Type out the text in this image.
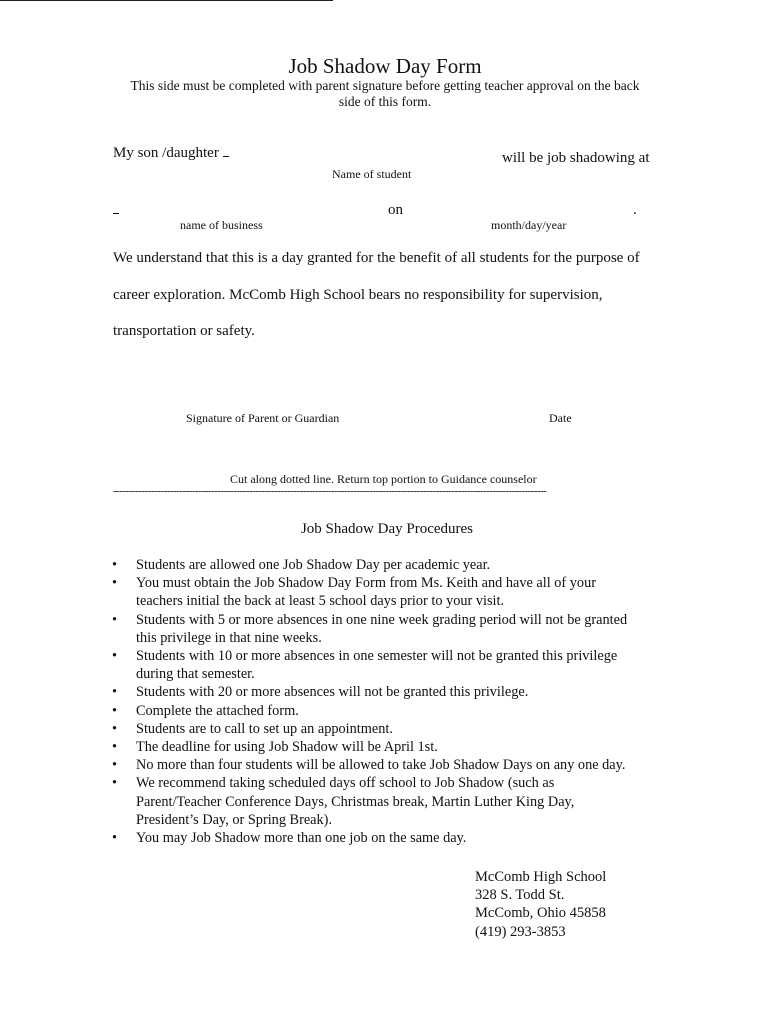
Job Shadow Day Form
This side must be completed with parent signature before getting teacher approval on the back side of this form.
My son /daughter	will be job shadowing at
Name of student
on	.
name of business	month/day/year
We understand that this is a day granted for the benefit of all students for the purpose of
career exploration. McComb High School bears no responsibility for supervision,
transportation or safety.
Signature of Parent or Guardian	Date
Cut along dotted line. Return top portion to Guidance counselor
-----------------------------------------------------------------------------------------------------------------------------------------
Job Shadow Day Procedures
• Students are allowed one Job Shadow Day per academic year.
• You must obtain the Job Shadow Day Form from Ms. Keith and have all of your
teachers initial the back at least 5 school days prior to your visit.
• Students with 5 or more absences in one nine week grading period will not be granted
this privilege in that nine weeks.
• Students with 10 or more absences in one semester will not be granted this privilege
during that semester.
• Students with 20 or more absences will not be granted this privilege.
• Complete the attached form.
• Students are to call to set up an appointment.
• The deadline for using Job Shadow will be April 1st.
• No more than four students will be allowed to take Job Shadow Days on any one day.
• We recommend taking scheduled days off school to Job Shadow (such as
Parent/Teacher Conference Days, Christmas break, Martin Luther King Day,
President’s Day, or Spring Break).
• You may Job Shadow more than one job on the same day.
McComb High School
328 S. Todd St.
McComb, Ohio 45858
(419) 293-3853
